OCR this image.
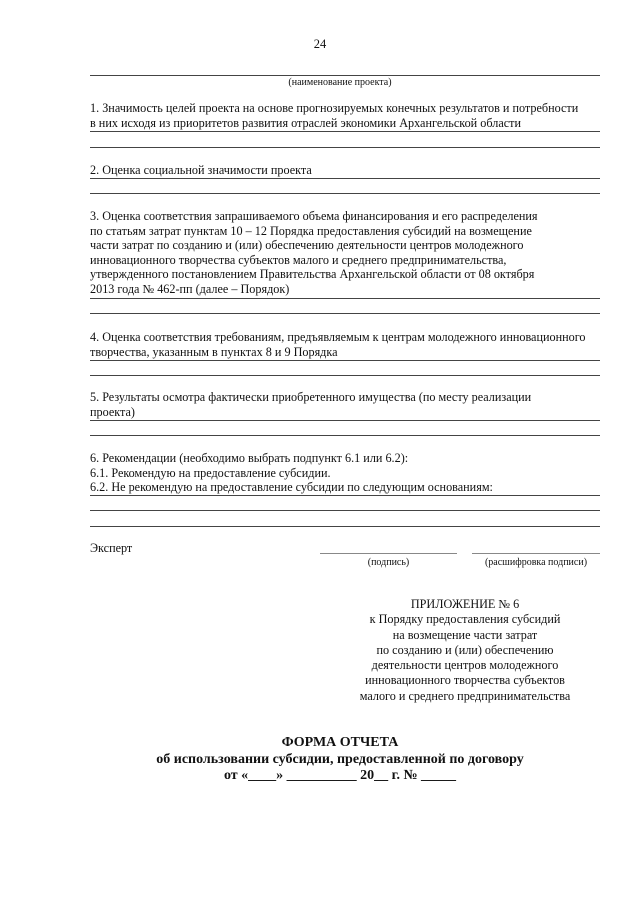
24
(наименование проекта)
1. Значимость целей проекта на основе прогнозируемых конечных результатов и потребности
в них исходя из приоритетов развития отраслей экономики Архангельской области
2. Оценка социальной значимости проекта
3. Оценка соответствия запрашиваемого объема финансирования и его распределения
по статьям затрат пунктам 10 – 12 Порядка предоставления субсидий на возмещение
части затрат по созданию и (или) обеспечению деятельности центров молодежного
инновационного творчества субъектов малого и среднего предпринимательства,
утвержденного постановлением Правительства Архангельской области от 08 октября
2013 года № 462-пп (далее – Порядок)
4. Оценка соответствия требованиям, предъявляемым к центрам молодежного инновационного
творчества, указанным в пунктах 8 и 9 Порядка
5. Результаты осмотра фактически приобретенного имущества (по месту реализации
проекта)
6. Рекомендации (необходимо выбрать подпункт 6.1 или 6.2):
6.1. Рекомендую на предоставление субсидии.
6.2. Не рекомендую на предоставление субсидии по следующим основаниям:
Эксперт
(подпись)	(расшифровка подписи)
ПРИЛОЖЕНИЕ № 6
к Порядку предоставления субсидий
на возмещение части затрат
по созданию и (или) обеспечению
деятельности центров молодежного
инновационного творчества субъектов
малого и среднего предпринимательства
ФОРМА ОТЧЕТА
об использовании субсидии, предоставленной по договору
от «____» __________ 20__ г. № _____
